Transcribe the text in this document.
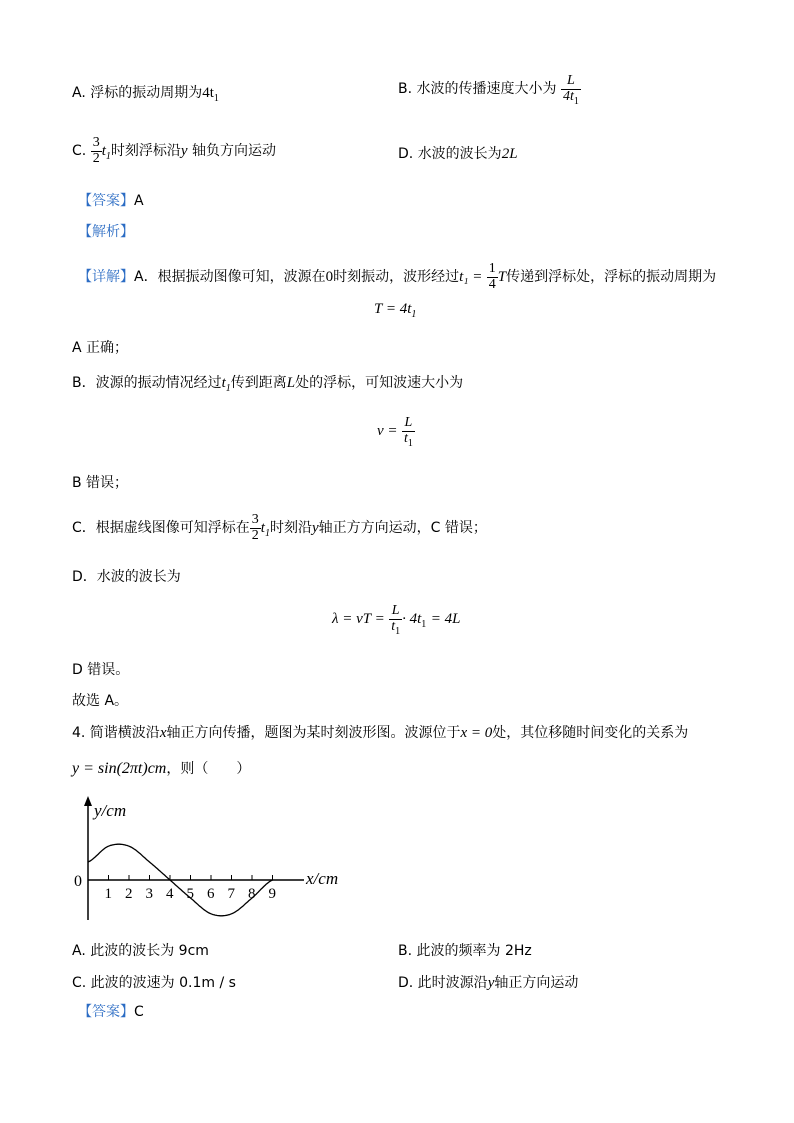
A. 浮标的振动周期为$4t_1$
B. 水波的传播速度大小为 $\frac{L}{4t_1}$
C. $\frac{3}{2} t_1$时刻浮标沿y 轴负方向运动	D. 水波的波长为2L
【答案】A
【解析】
【详解】A．根据振动图像可知，波源在0时刻振动，波形经过$t_1 = \frac{1}{4}$ T传递到浮标处，浮标的振动周期为
$T = 4t_1$
A 正确；
B．波源的振动情况经过$t_1$传到距离L处的浮标，可知波速大小为
$v = \frac{L}{t_1}$
B 错误；
C．根据虚线图像可知浮标在 $\frac{3}{2} t_1$时刻沿y轴正方方向运动，C 错误；
D．水波的波长为
λ = vT = $\frac{L}{t_1} \cdot 4t_1 = 4L$
D 错误。
故选 A。
4. 简谐横波沿x轴正方向传播，题图为某时刻波形图。波源位于x = 0处，其位移随时间变化的关系为
y = sin(2πt)cm，则（　　）
y/cm
x/cm
0
1 2 3 4 5 6 7 8 9
A. 此波的波长为 9cm	B. 此波的频率为 2Hz
C. 此波的波速为 0.1m / s	D. 此时波源沿y轴正方向运动
【答案】C
